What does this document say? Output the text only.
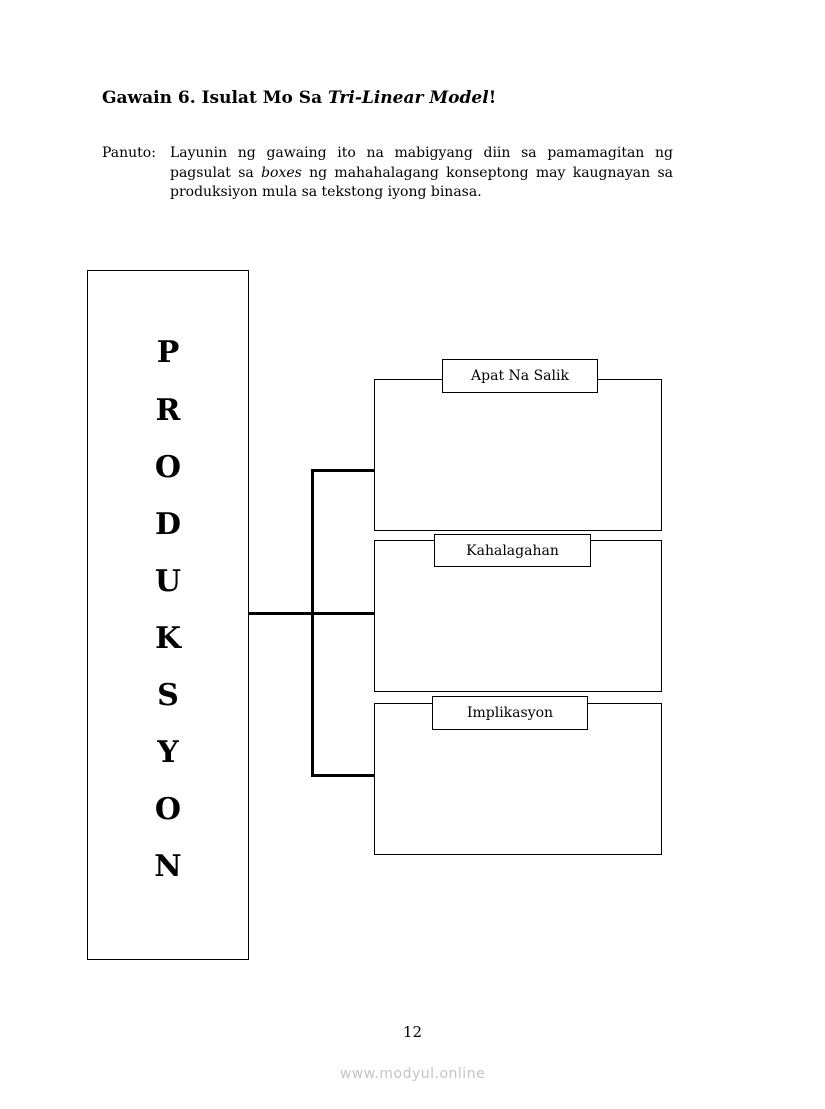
Gawain 6. Isulat Mo Sa Tri-Linear Model!
Panuto: Layunin ng gawaing ito na mabigyang diin sa pamamagitan ng
pagsulat sa boxes ng mahahalagang konseptong may kaugnayan sa
produksiyon mula sa tekstong iyong binasa.
P
R
O
D
U
K
S
Y
O
N
Apat Na Salik
Kahalagahan
Implikasyon
12
www.modyul.online
